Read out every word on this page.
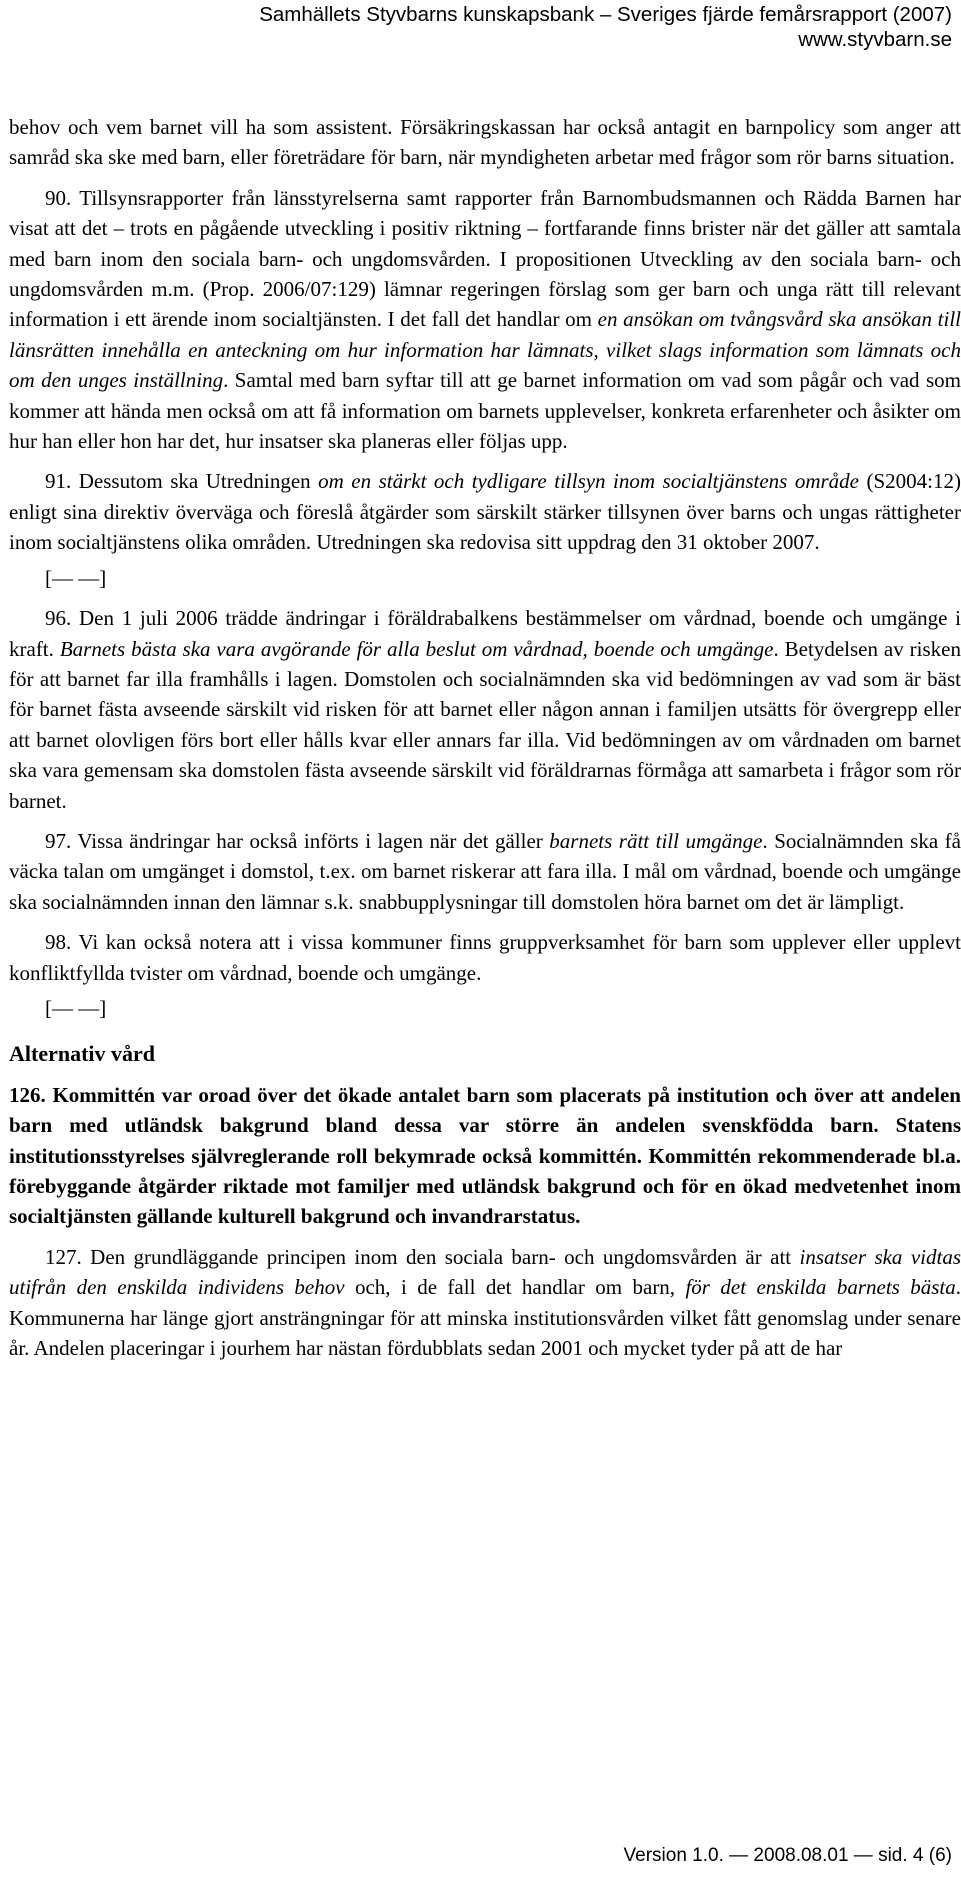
Samhällets Styvbarns kunskapsbank – Sveriges fjärde femårsrapport (2007)
www.styvbarn.se

behov och vem barnet vill ha som assistent. Försäkringskassan har också antagit en barnpolicy som anger att samråd ska ske med barn, eller företrädare för barn, när myndigheten arbetar med frågor som rör barns situation.

90. Tillsynsrapporter från länsstyrelserna samt rapporter från Barnombudsmannen och Rädda Barnen har visat att det – trots en pågående utveckling i positiv riktning – fortfarande finns brister när det gäller att samtala med barn inom den sociala barn- och ungdomsvården. I propositionen Utveckling av den sociala barn- och ungdomsvården m.m. (Prop. 2006/07:129) lämnar regeringen förslag som ger barn och unga rätt till relevant information i ett ärende inom socialtjänsten. I det fall det handlar om en ansökan om tvångsvård ska ansökan till länsrätten innehålla en anteckning om hur information har lämnats, vilket slags information som lämnats och om den unges inställning. Samtal med barn syftar till att ge barnet information om vad som pågår och vad som kommer att hända men också om att få information om barnets upplevelser, konkreta erfarenheter och åsikter om hur han eller hon har det, hur insatser ska planeras eller följas upp.

91. Dessutom ska Utredningen om en stärkt och tydligare tillsyn inom socialtjänstens område (S2004:12) enligt sina direktiv överväga och föreslå åtgärder som särskilt stärker tillsynen över barns och ungas rättigheter inom socialtjänstens olika områden. Utredningen ska redovisa sitt uppdrag den 31 oktober 2007.

[— —]

96. Den 1 juli 2006 trädde ändringar i föräldrabalkens bestämmelser om vårdnad, boende och umgänge i kraft. Barnets bästa ska vara avgörande för alla beslut om vårdnad, boende och umgänge. Betydelsen av risken för att barnet far illa framhålls i lagen. Domstolen och socialnämnden ska vid bedömningen av vad som är bäst för barnet fästa avseende särskilt vid risken för att barnet eller någon annan i familjen utsätts för övergrepp eller att barnet olovligen förs bort eller hålls kvar eller annars far illa. Vid bedömningen av om vårdnaden om barnet ska vara gemensam ska domstolen fästa avseende särskilt vid föräldrarnas förmåga att samarbeta i frågor som rör barnet.

97. Vissa ändringar har också införts i lagen när det gäller barnets rätt till umgänge. Socialnämnden ska få väcka talan om umgänget i domstol, t.ex. om barnet riskerar att fara illa. I mål om vårdnad, boende och umgänge ska socialnämnden innan den lämnar s.k. snabbupplysningar till domstolen höra barnet om det är lämpligt.

98. Vi kan också notera att i vissa kommuner finns gruppverksamhet för barn som upplever eller upplevt konfliktfyllda tvister om vårdnad, boende och umgänge.

[— —]

Alternativ vård

126. Kommittén var oroad över det ökade antalet barn som placerats på institution och över att andelen barn med utländsk bakgrund bland dessa var större än andelen svenskfödda barn. Statens institutionsstyrelses självreglerande roll bekymrade också kommittén. Kommittén rekommenderade bl.a. förebyggande åtgärder riktade mot familjer med utländsk bakgrund och för en ökad medvetenhet inom socialtjänsten gällande kulturell bakgrund och invandrarstatus.

127. Den grundläggande principen inom den sociala barn- och ungdomsvården är att insatser ska vidtas utifrån den enskilda individens behov och, i de fall det handlar om barn, för det enskilda barnets bästa. Kommunerna har länge gjort ansträngningar för att minska institutionsvården vilket fått genomslag under senare år. Andelen placeringar i jourhem har nästan fördubblats sedan 2001 och mycket tyder på att de har

Version 1.0. — 2008.08.01 — sid. 4 (6)
